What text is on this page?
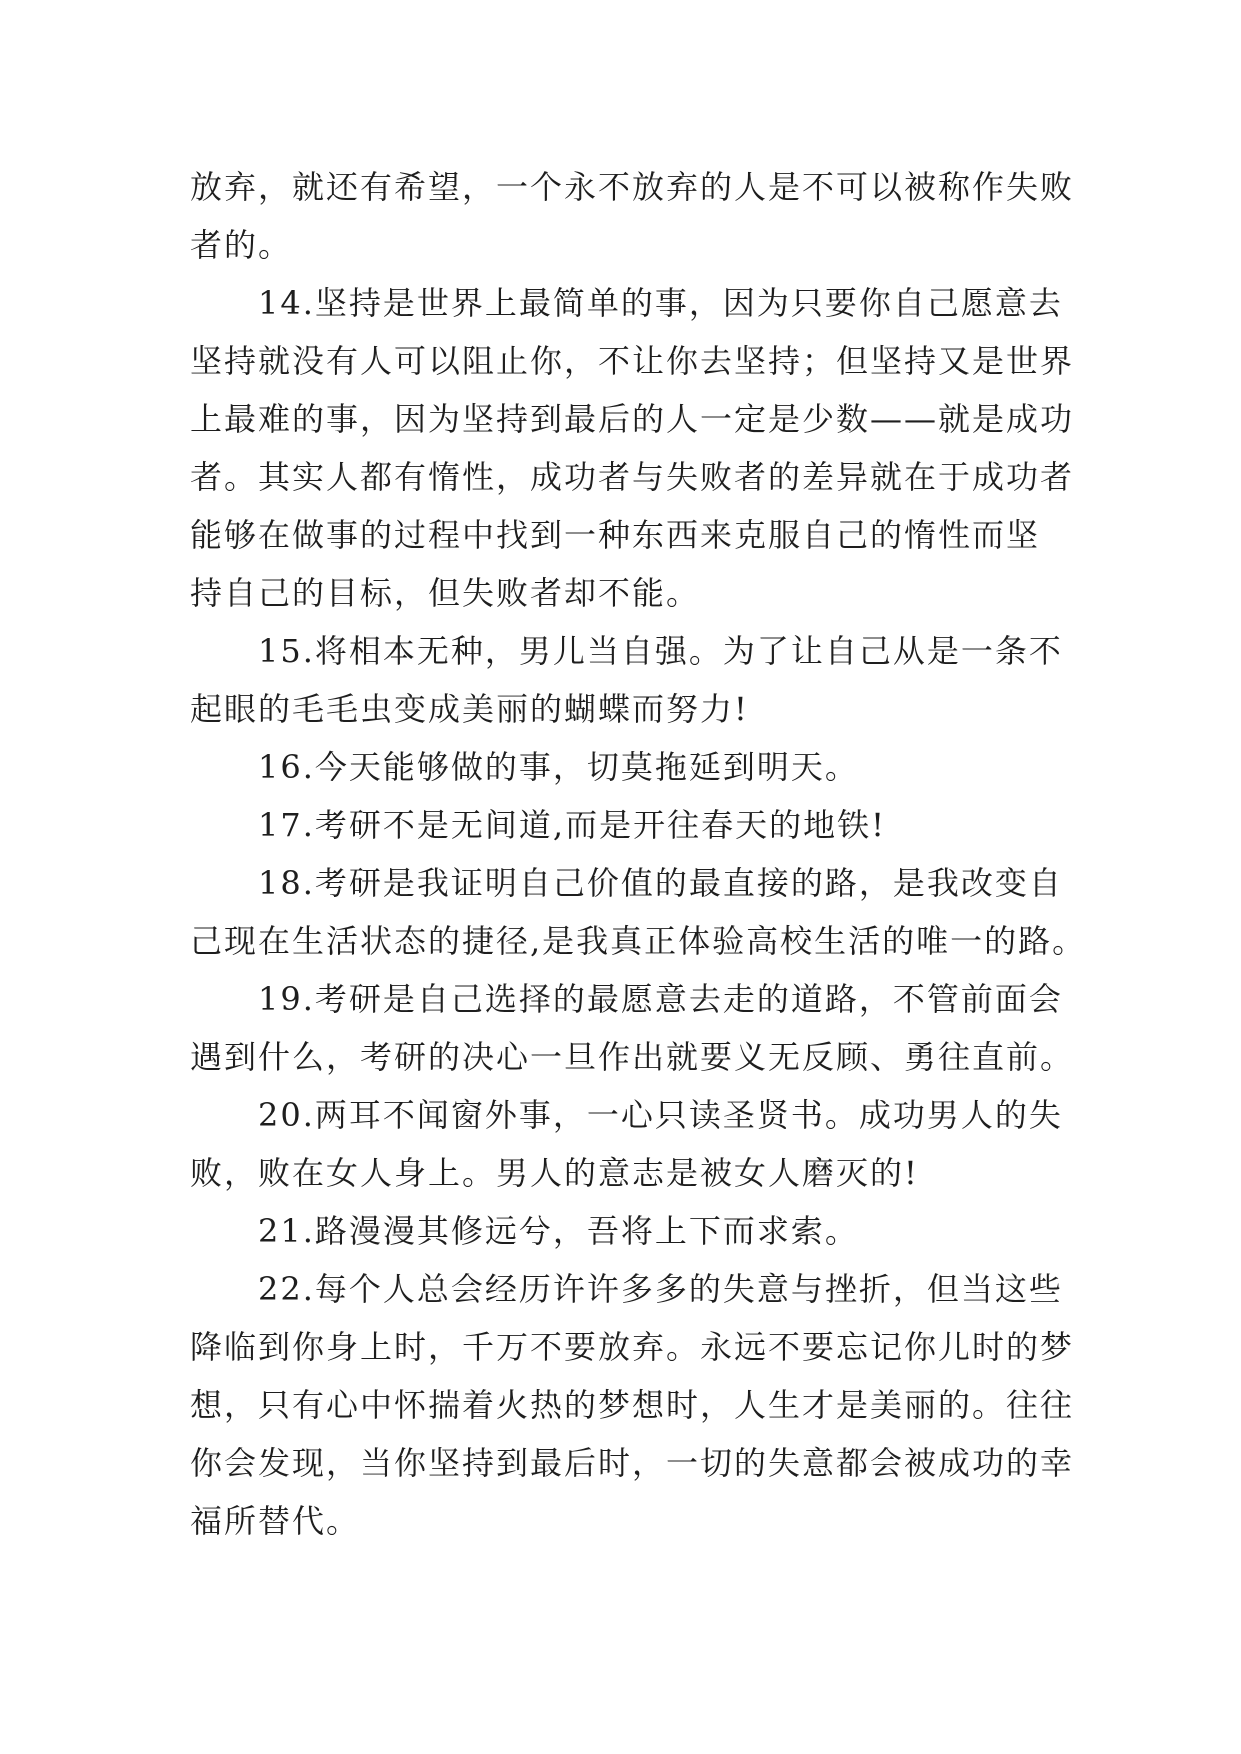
放弃，就还有希望，一个永不放弃的人是不可以被称作失败
者的。

14.坚持是世界上最简单的事，因为只要你自己愿意去
坚持就没有人可以阻止你，不让你去坚持；但坚持又是世界
上最难的事，因为坚持到最后的人一定是少数——就是成功
者。其实人都有惰性，成功者与失败者的差异就在于成功者
能够在做事的过程中找到一种东西来克服自己的惰性而坚
持自己的目标，但失败者却不能。

15.将相本无种，男儿当自强。为了让自己从是一条不
起眼的毛毛虫变成美丽的蝴蝶而努力!

16.今天能够做的事，切莫拖延到明天。

17.考研不是无间道,而是开往春天的地铁!

18.考研是我证明自己价值的最直接的路，是我改变自
己现在生活状态的捷径,是我真正体验高校生活的唯一的路。

19.考研是自己选择的最愿意去走的道路，不管前面会
遇到什么，考研的决心一旦作出就要义无反顾、勇往直前。

20.两耳不闻窗外事，一心只读圣贤书。成功男人的失
败，败在女人身上。男人的意志是被女人磨灭的!

21.路漫漫其修远兮，吾将上下而求索。

22.每个人总会经历许许多多的失意与挫折，但当这些
降临到你身上时，千万不要放弃。永远不要忘记你儿时的梦
想，只有心中怀揣着火热的梦想时，人生才是美丽的。往往
你会发现，当你坚持到最后时，一切的失意都会被成功的幸
福所替代。
